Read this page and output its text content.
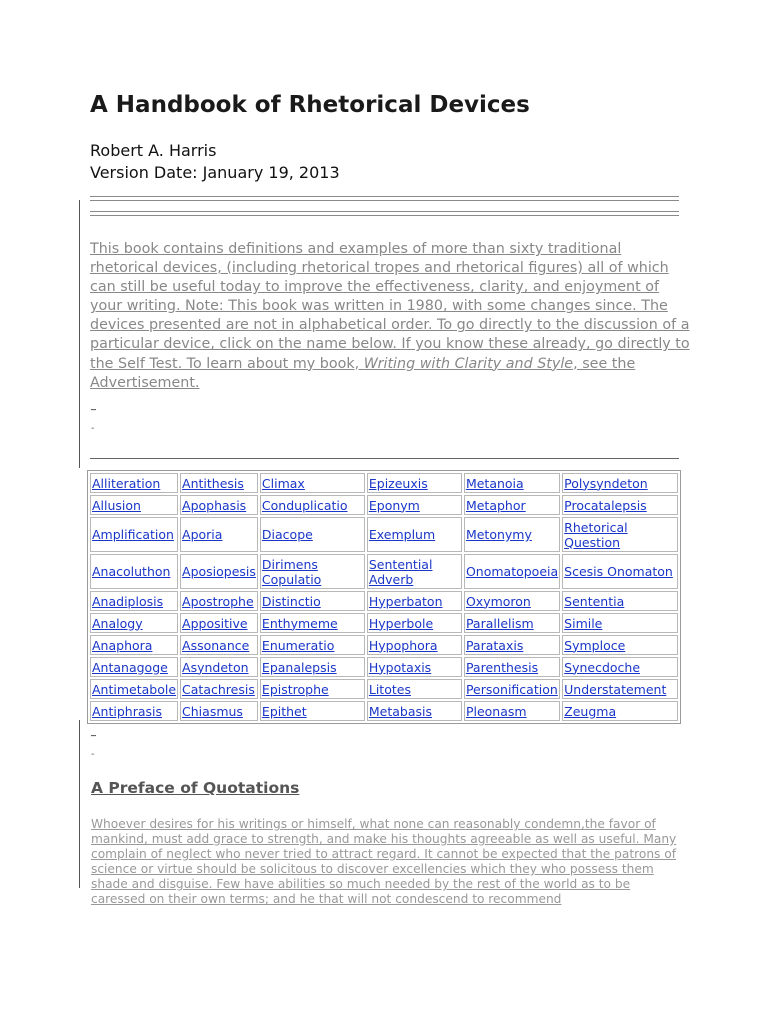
A Handbook of Rhetorical Devices
Robert A. Harris
Version Date: January 19, 2013

This book contains definitions and examples of more than sixty traditional rhetorical devices, (including rhetorical tropes and rhetorical figures) all of which can still be useful today to improve the effectiveness, clarity, and enjoyment of your writing. Note: This book was written in 1980, with some changes since. The devices presented are not in alphabetical order. To go directly to the discussion of a particular device, click on the name below. If you know these already, go directly to the Self Test. To learn about my book, Writing with Clarity and Style, see the Advertisement.

_
-
Alliteration	Antithesis	Climax	Epizeuxis	Metanoia	Polysyndeton
Allusion	Apophasis	Conduplicatio	Eponym	Metaphor	Procatalepsis
Amplification	Aporia	Diacope	Exemplum	Metonymy	Rhetorical Question
Anacoluthon	Aposiopesis	Dirimens Copulatio	Sentential Adverb	Onomatopoeia	Scesis Onomaton
Anadiplosis	Apostrophe	Distinctio	Hyperbaton	Oxymoron	Sententia
Analogy	Appositive	Enthymeme	Hyperbole	Parallelism	Simile
Anaphora	Assonance	Enumeratio	Hypophora	Parataxis	Symploce
Antanagoge	Asyndeton	Epanalepsis	Hypotaxis	Parenthesis	Synecdoche
Antimetabole	Catachresis	Epistrophe	Litotes	Personification	Understatement
Antiphrasis	Chiasmus	Epithet	Metabasis	Pleonasm	Zeugma
_
-
A Preface of Quotations

Whoever desires for his writings or himself, what none can reasonably condemn,the favor of mankind, must add grace to strength, and make his thoughts agreeable as well as useful. Many complain of neglect who never tried to attract regard. It cannot be expected that the patrons of science or virtue should be solicitous to discover excellencies which they who possess them shade and disguise. Few have abilities so much needed by the rest of the world as to be caressed on their own terms; and he that will not condescend to recommend
